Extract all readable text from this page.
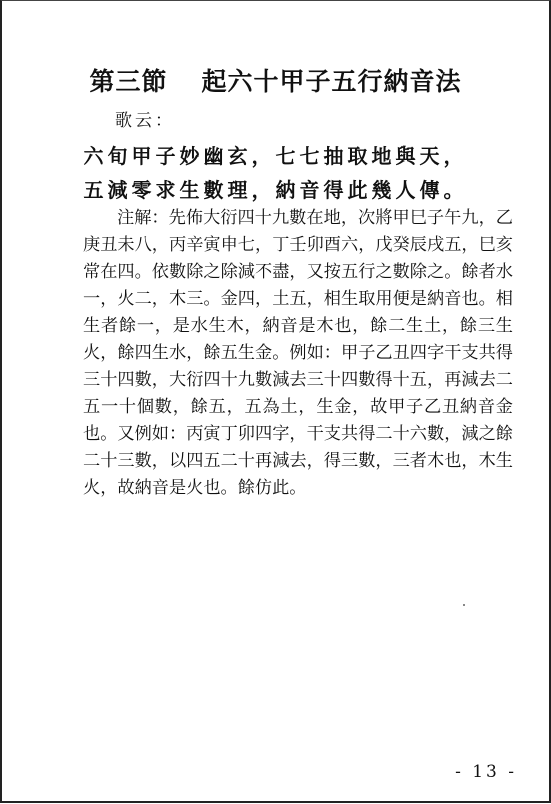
第三節 起六十甲子五行納音法
歌云：
六旬甲子妙幽玄，七七抽取地與天，
五減零求生數理，納音得此幾人傳。
注解：先佈大衍四十九數在地，次將甲巳子午九，乙
庚丑未八，丙辛寅申七，丁壬卯酉六，戊癸辰戌五，巳亥
常在四。依數除之除減不盡，又按五行之數除之。餘者水
一，火二，木三。金四，土五，相生取用便是納音也。相
生者餘一，是水生木，納音是木也，餘二生土，餘三生
火，餘四生水，餘五生金。例如：甲子乙丑四字干支共得
三十四數，大衍四十九數減去三十四數得十五，再減去二
五一十個數，餘五，五為土，生金，故甲子乙丑納音金
也。又例如：丙寅丁卯四字，干支共得二十六數，減之餘
二十三數，以四五二十再減去，得三數，三者木也，木生
火，故納音是火也。餘仿此。
- 13 -
